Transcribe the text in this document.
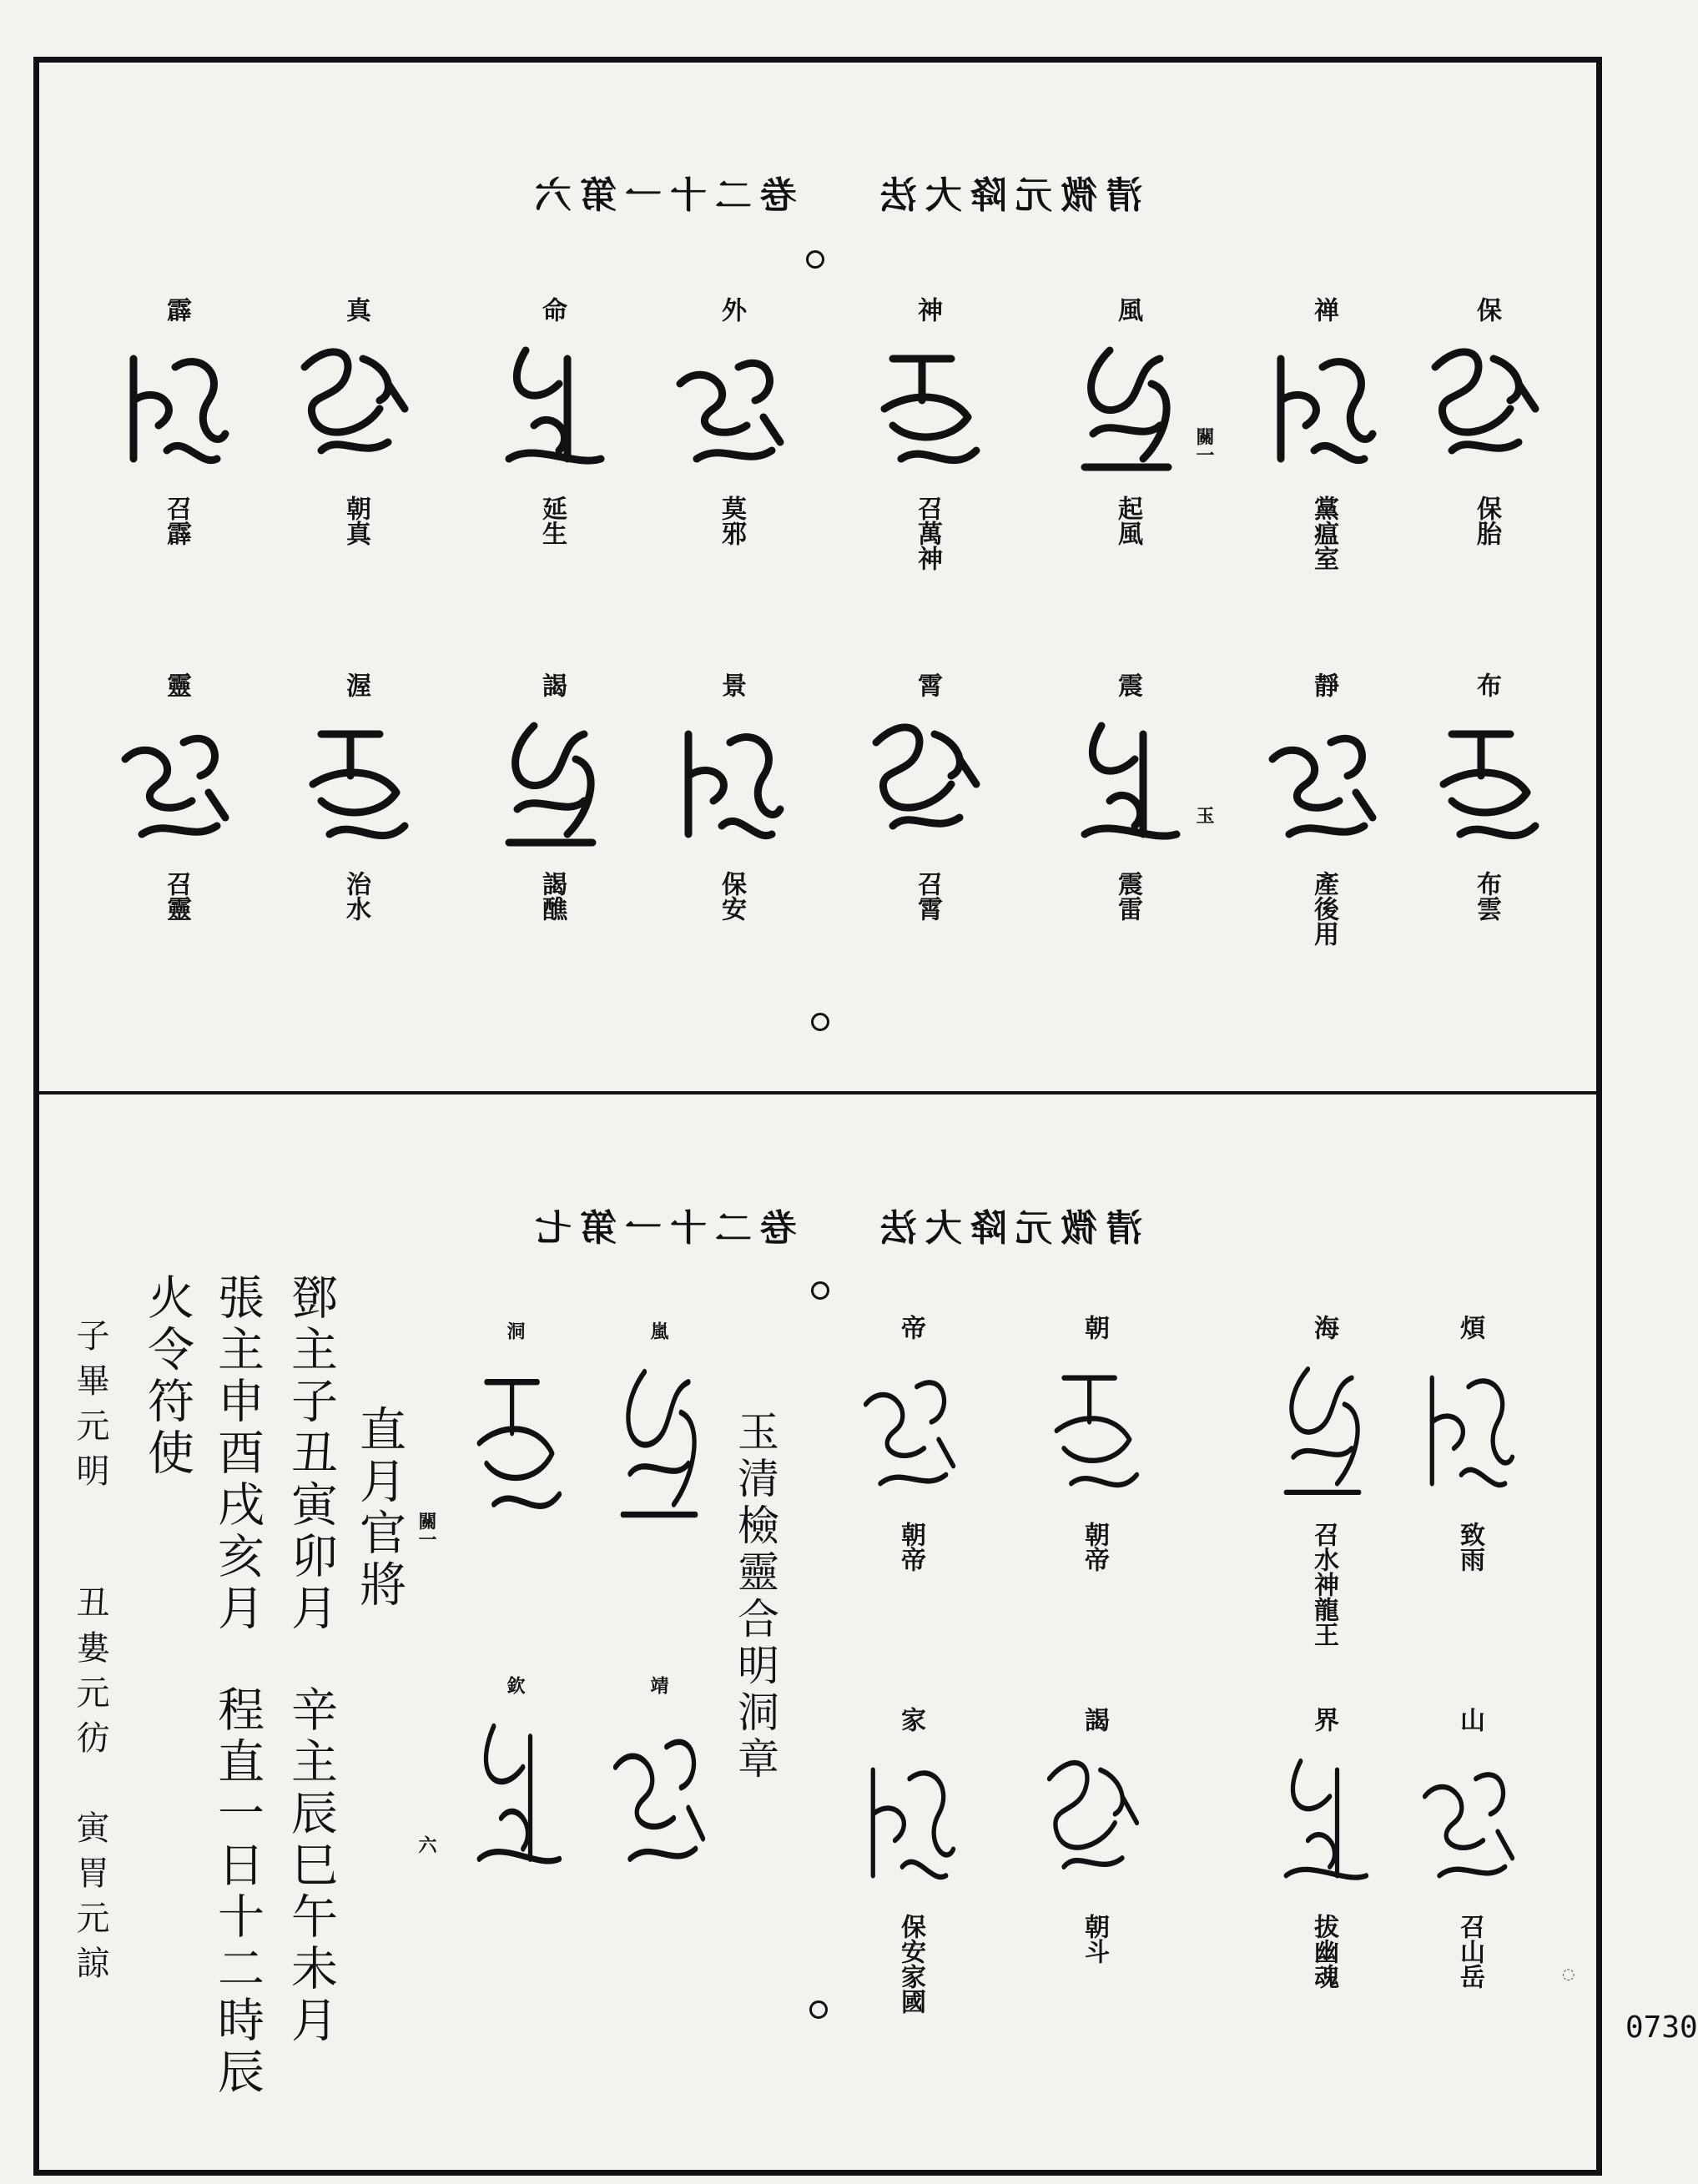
卷二十一第六 清微元降大法
關一
玉
保
保胎
禅
黨瘟室
風
起風
神
召萬神
外
莫邪
命
延生
真
朝真
霹
召霹
布
布雲
靜
產後用
震
震雷
霄
召霄
景
保安
謁
謁醮
渥
治水
靈
召靈
卷二十一第七 清微元降大法
關一
六
煩
致雨
海
召水神龍王
朝
朝帝
帝
朝帝
山
召山岳
界
拔幽魂
謁
朝斗
家
保安家國
玉清檢靈合明洞章
嵐
洞
靖
欽
直月官將
鄧主子丑寅卯月
辛主辰巳午未月
張主申酉戌亥月
程直一日十二時辰
火令符使
子畢元明
丑婁元彷　寅胃元諒
0730
◌
